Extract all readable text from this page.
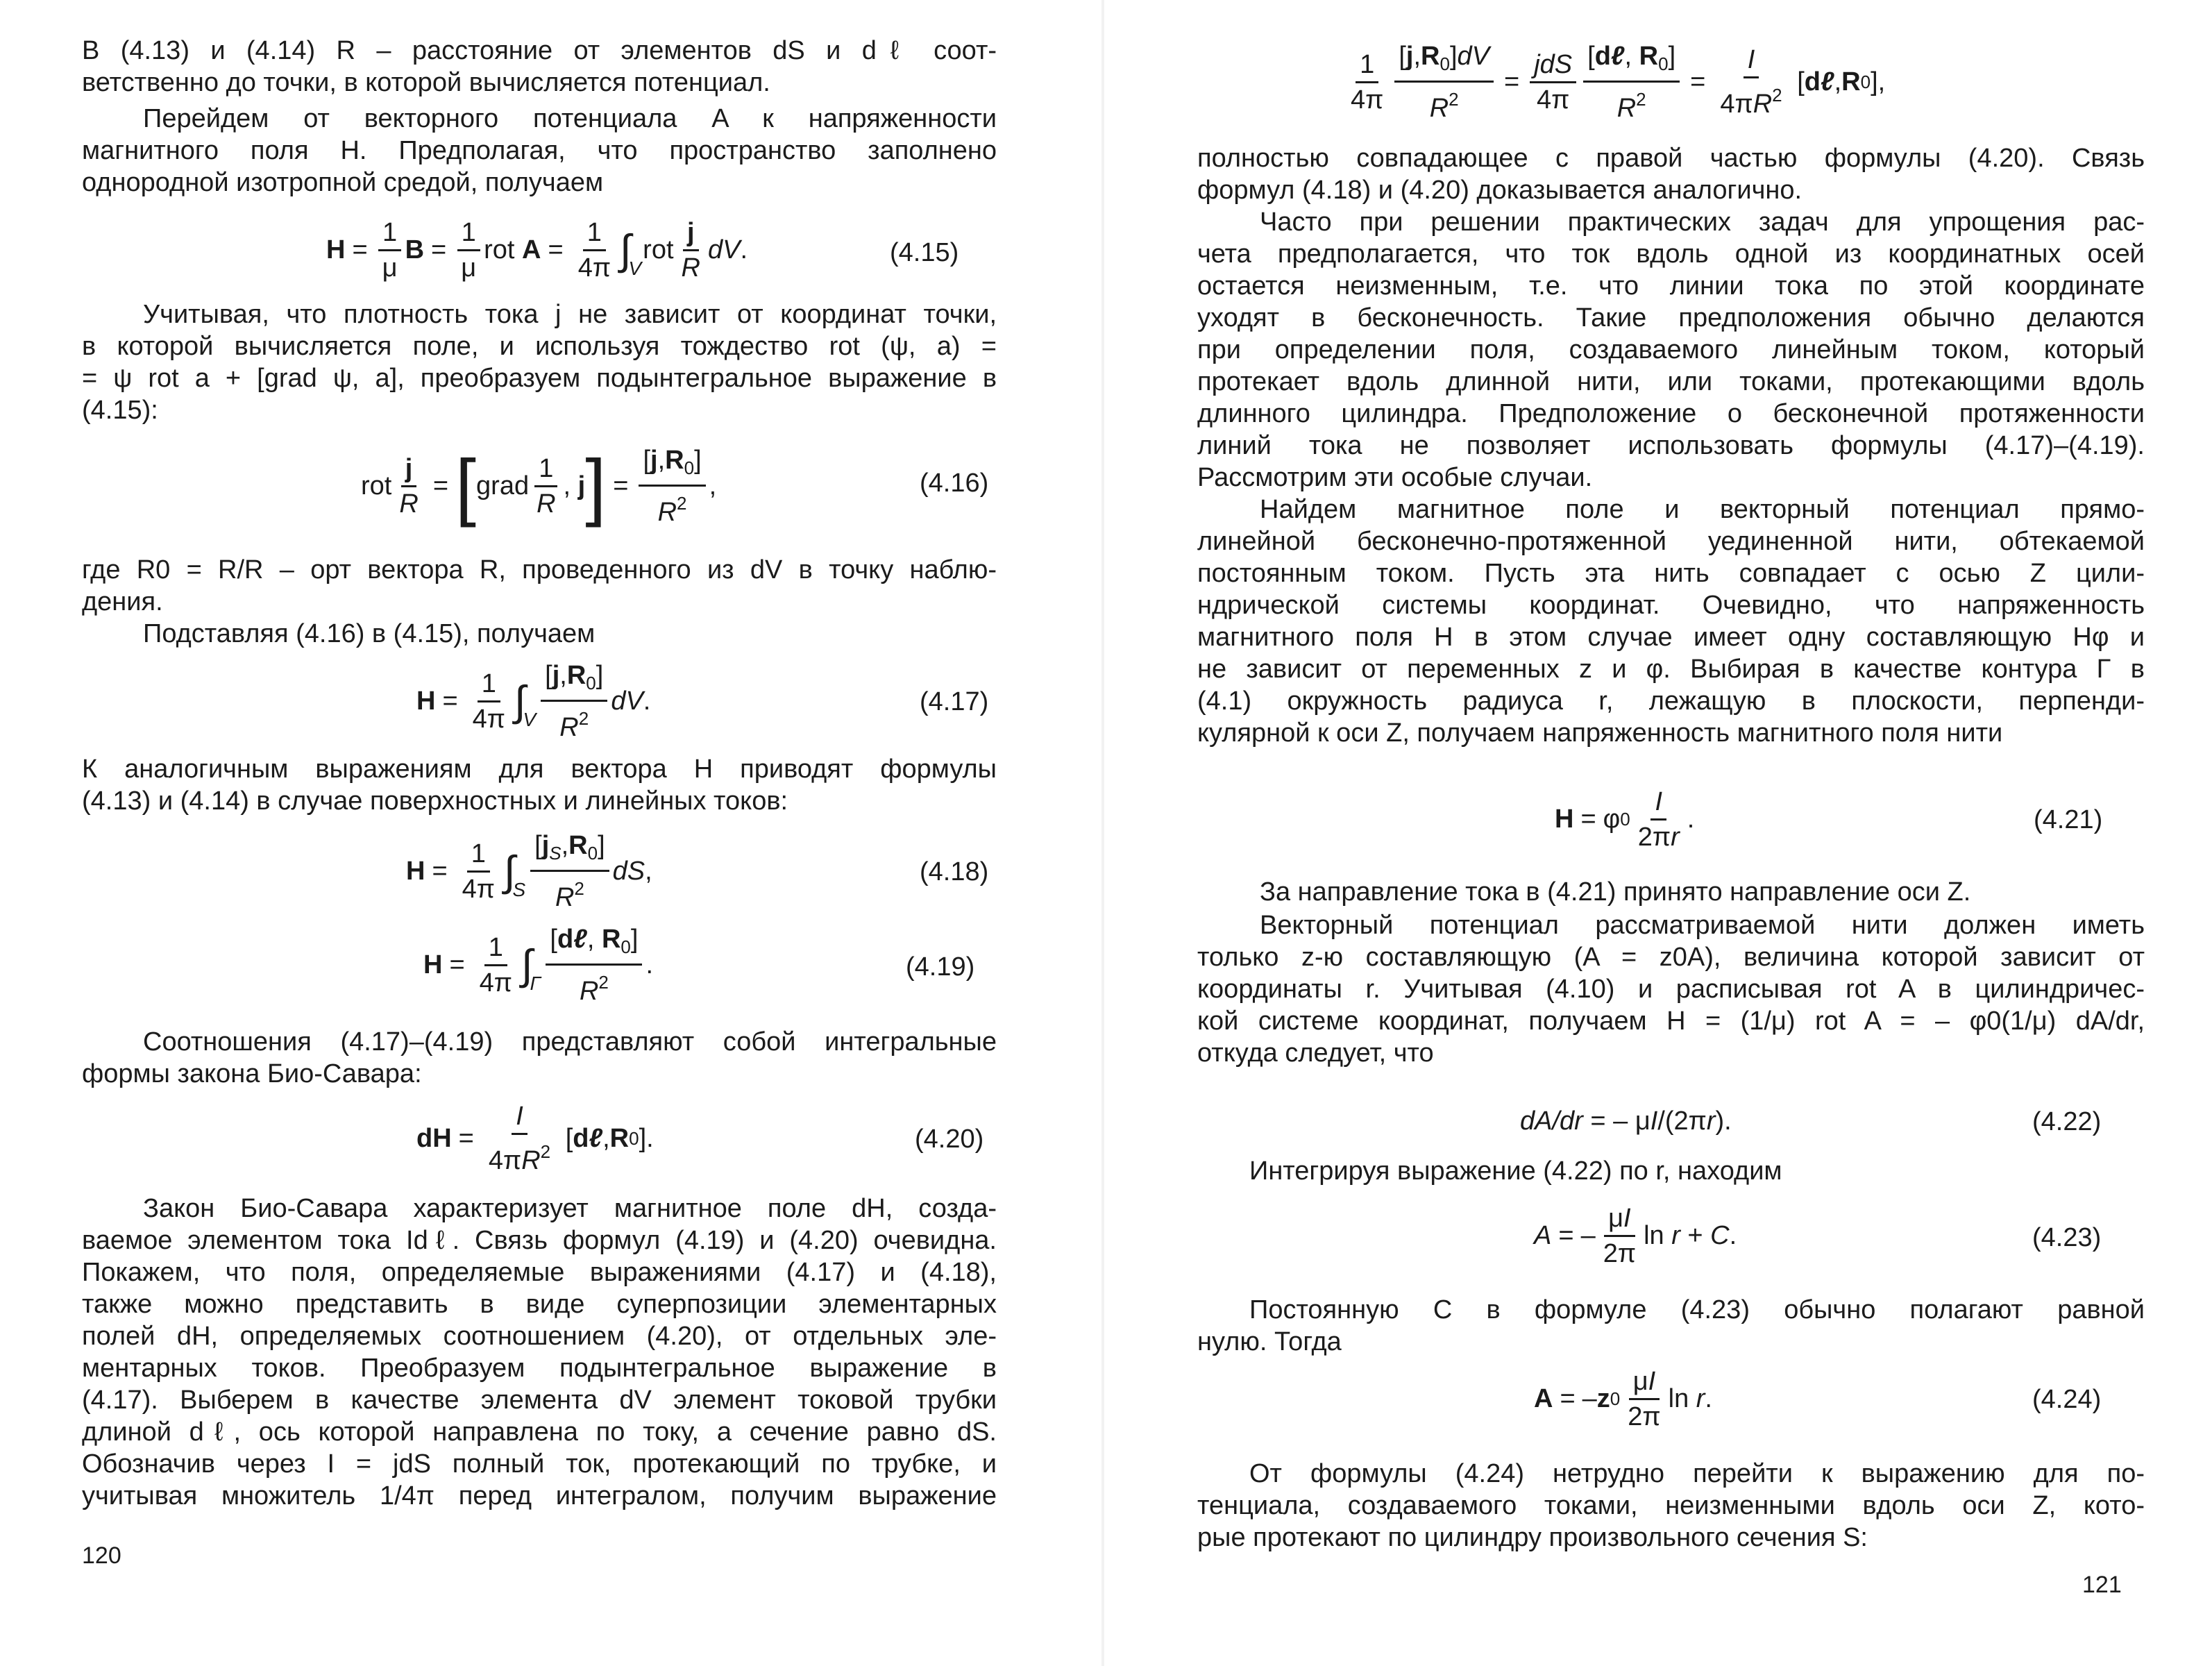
В (4.13) и (4.14) R – расстояние от элементов dS и dℓ соот-

ветственно до точки, в которой вычисляется потенциал.

Перейдем от векторного потенциала A к напряженности

магнитного поля H. Предполагая, что пространство заполнено

однородной изотропной средой, получаем

$H = \frac{1}{\mu}$ $B = \frac{1}{\mu}$ rot $A = \frac{1}{4\pi}$ ∫
V
rot $\frac{j}{R}$ dV .	(4.15)

Учитывая, что плотность тока j не зависит от координат точки,

в которой вычисляется поле, и используя тождество rot (ψ, a) =

= ψ rot a + [grad ψ, a], преобразуем подынтегральное выражение в

(4.15):

rot $\frac{j}{R}$ = [ grad $\frac{1}{R}$ , j ] = $\frac{[j,R_0]}{R^2}$ ,	(4.16)

где R0 = R/R – орт вектора R, проведенного из dV в точку наблю-

дения.

Подставляя (4.16) в (4.15), получаем

$H = \frac{1}{4\pi}$ ∫
V $\frac{[j,R_0]}{R^2}$ dV .	(4.17)

К аналогичным выражениям для вектора H приводят формулы

(4.13) и (4.14) в случае поверхностных и линейных токов:

$H = \frac{1}{4\pi}$ ∫
S $\frac{[j_S,R_0]}{R^2}$ dS ,	(4.18)
$H = \frac{1}{4\pi}$ ∫
Γ $\frac{[d\ell, R_0]}{R^2}$ .	(4.19)

Соотношения (4.17)–(4.19) представляют собой интегральные

формы закона Био-Савара:

dH = $\frac{I}{4\pi R^2}$ [ dℓ , R 0 ].	(4.20)

Закон Био-Савара характеризует магнитное поле dH, созда-

ваемое элементом тока Idℓ. Связь формул (4.19) и (4.20) очевидна.

Покажем, что поля, определяемые выражениями (4.17) и (4.18),

также можно представить в виде суперпозиции элементарных

полей dH, определяемых соотношением (4.20), от отдельных эле-

ментарных токов. Преобразуем подынтегральное выражение в

(4.17). Выберем в качестве элемента dV элемент токовой трубки

длиной dℓ, ось которой направлена по току, а сечение равно dS.

Обозначив через I = jdS полный ток, протекающий по трубке, и

учитывая множитель 1/4π перед интегралом, получим выражение

120
$\frac{1}{4\pi} \frac{[j,R_0]dV}{R^2} = \frac{\text{jdS}}{4\pi} \frac{[d\ell, R_0]}{R^2} = \frac{I}{4\pi R^2}$ [ dℓ , R 0 ],

полностью совпадающее с правой частью формулы (4.20). Связь

формул (4.18) и (4.20) доказывается аналогично.

Часто при решении практических задач для упрощения рас-

чета предполагается, что ток вдоль одной из координатных осей

остается неизменным, т.е. что линии тока по этой координате

уходят в бесконечность. Такие предположения обычно делаются

при определении поля, создаваемого линейным током, который

протекает вдоль длинной нити, или токами, протекающими вдоль

длинного цилиндра. Предположение о бесконечной протяженности

линий тока не позволяет использовать формулы (4.17)–(4.19).

Рассмотрим эти особые случаи.

Найдем магнитное поле и векторный потенциал прямо-

линейной бесконечно-протяженной уединенной нити, обтекаемой

постоянным током. Пусть эта нить совпадает с осью Z цили-

ндрической системы координат. Очевидно, что напряженность

магнитного поля H в этом случае имеет одну составляющую Hφ и

не зависит от переменных z и φ. Выбирая в качестве контура Γ в

(4.1) окружность радиуса r, лежащую в плоскости, перпенди-

кулярной к оси Z, получаем напряженность магнитного поля нити

H = φ $0 \frac{I}{2\pi r}$ .	(4.21)

За направление тока в (4.21) принято направление оси Z.

Векторный потенциал рассматриваемой нити должен иметь

только z-ю составляющую (A = z0A), величина которой зависит от

координаты r. Учитывая (4.10) и расписывая rot A в цилиндричес-

кой системе координат, получаем H = (1/μ) rot A = – φ0(1/μ) dA/dr,

откуда следует, что

dA/dr = – μ I /(2π r ).	(4.22)

Интегрируя выражение (4.22) по r, находим

A = – $\frac{\mu I}{2\pi}$ ln r + C .	(4.23)

Постоянную C в формуле (4.23) обычно полагают равной

нулю. Тогда

A = – z $0 \frac{\mu I}{2\pi}$ ln r .	(4.24)

От формулы (4.24) нетрудно перейти к выражению для по-

тенциала, создаваемого токами, неизменными вдоль оси Z, кото-

рые протекают по цилиндру произвольного сечения S:

121
